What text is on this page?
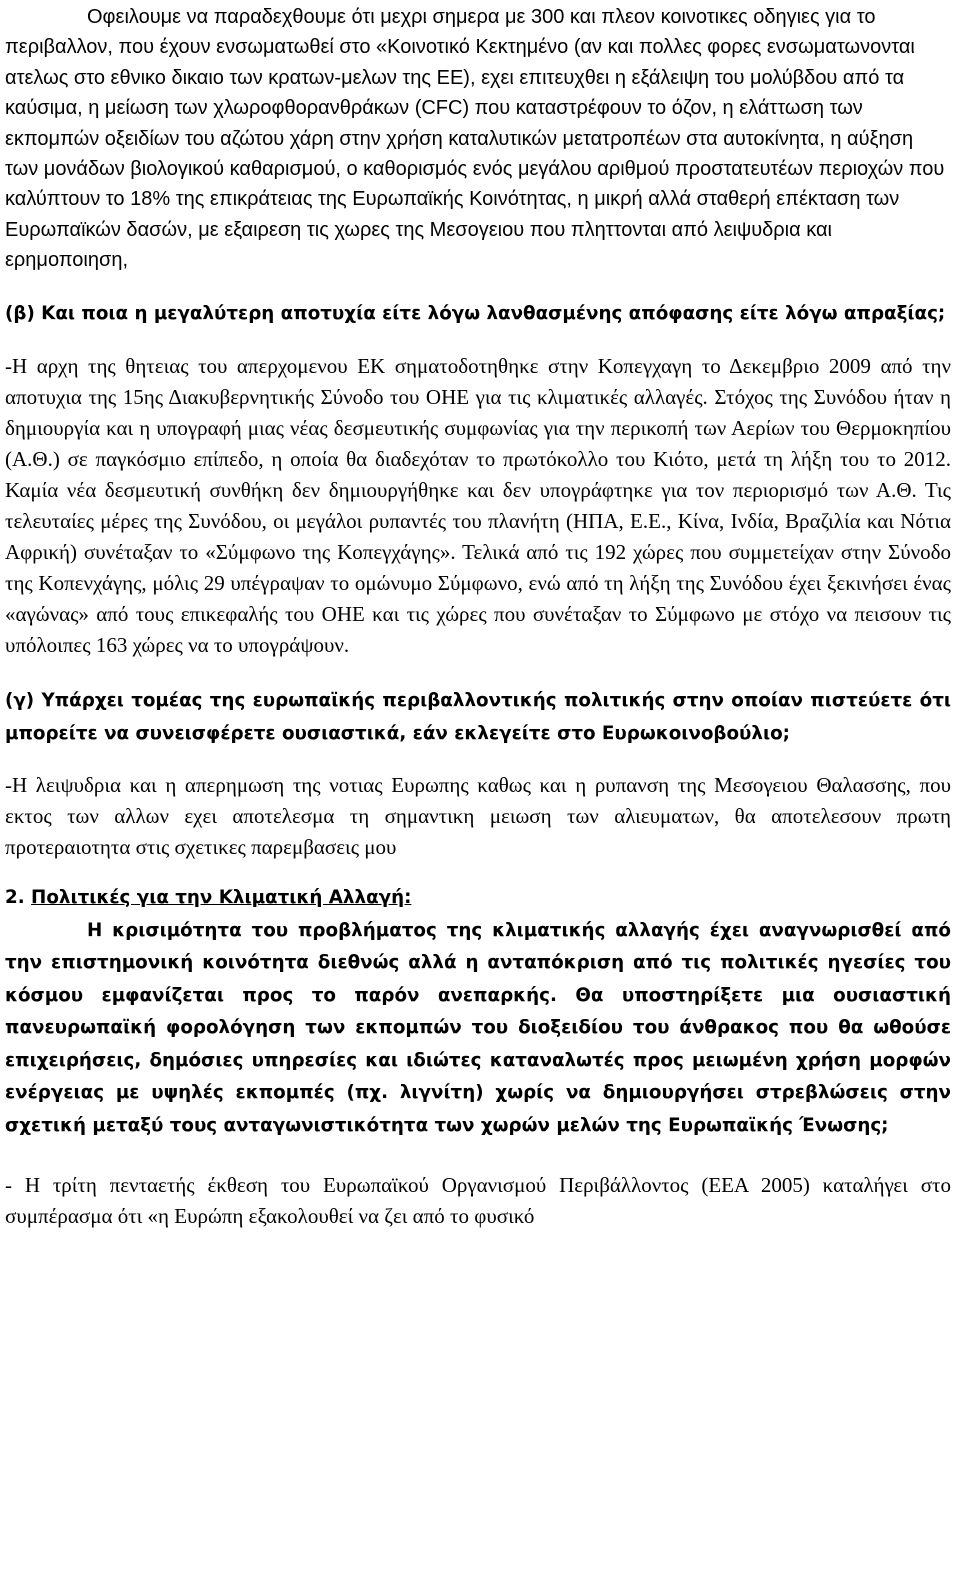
Οφειλουμε να παραδεχθουμε ότι μεχρι σημερα με 300 και πλεον κοινοτικες οδηγιες για το περιβαλλον, που έχουν ενσωματωθεί στο «Κοινοτικό Κεκτημένο (αν και πολλες φορες ενσωματωνονται ατελως στο εθνικο δικαιο των κρατων-μελων της ΕΕ), εχει επιτευχθει η εξάλειψη του μολύβδου από τα καύσιμα, η μείωση των χλωροφθορανθράκων (CFC) που καταστρέφουν το όζον, η ελάττωση των εκπομπών οξειδίων του αζώτου χάρη στην χρήση καταλυτικών μετατροπέων στα αυτοκίνητα, η αύξηση των μονάδων βιολογικού καθαρισμού, ο καθορισμός ενός μεγάλου αριθμού προστατευτέων περιοχών που καλύπτουν το 18% της επικράτειας της Ευρωπαϊκής Κοινότητας, η μικρή αλλά σταθερή επέκταση των Ευρωπαϊκών δασών, με εξαιρεση τις χωρες της Μεσογειου που πληττονται από λειψυδρια και ερημοποιηση,

(β) Και ποια η μεγαλύτερη αποτυχία είτε λόγω λανθασμένης απόφασης είτε λόγω απραξίας;

-Η αρχη της θητειας του απερχομενου ΕΚ σηματοδοτηθηκε στην Κοπεγχαγη το Δεκεμβριο 2009 από την αποτυχια της 15ης Διακυβερνητικής Σύνοδο του ΟΗΕ για τις κλιματικές αλλαγές. Στόχος της Συνόδου ήταν η δημιουργία και η υπογραφή μιας νέας δεσμευτικής συμφωνίας για την περικοπή των Αερίων του Θερμοκηπίου (Α.Θ.) σε παγκόσμιο επίπεδο, η οποία θα διαδεχόταν το πρωτόκολλο του Κιότο, μετά τη λήξη του το 2012. Καμία νέα δεσμευτική συνθήκη δεν δημιουργήθηκε και δεν υπογράφτηκε για τον περιορισμό των Α.Θ. Τις τελευταίες μέρες της Συνόδου, οι μεγάλοι ρυπαντές του πλανήτη (ΗΠΑ, Ε.Ε., Κίνα, Ινδία, Βραζιλία και Νότια Αφρική) συνέταξαν το «Σύμφωνο της Κοπεγχάγης». Τελικά από τις 192 χώρες που συμμετείχαν στην Σύνοδο της Κοπενχάγης, μόλις 29 υπέγραψαν το ομώνυμο Σύμφωνο, ενώ από τη λήξη της Συνόδου έχει ξεκινήσει ένας «αγώνας» από τους επικεφαλής του ΟΗΕ και τις χώρες που συνέταξαν το Σύμφωνο με στόχο να πεισουν τις υπόλοιπες 163 χώρες να το υπογράψουν.

(γ) Υπάρχει τομέας της ευρωπαϊκής περιβαλλοντικής πολιτικής στην οποίαν πιστεύετε ότι μπορείτε να συνεισφέρετε ουσιαστικά, εάν εκλεγείτε στο Ευρωκοινοβούλιο;

-Η λειψυδρια και η απερημωση της νοτιας Ευρωπης καθως και η ρυπανση της Μεσογειου Θαλασσης, που εκτος των αλλων εχει αποτελεσμα τη σημαντικη μειωση των αλιευματων, θα αποτελεσουν πρωτη προτεραιοτητα στις σχετικες παρεμβασεις μου

2. Πολιτικές για την Κλιματική Αλλαγή:

Η κρισιμότητα του προβλήματος της κλιματικής αλλαγής έχει αναγνωρισθεί από την επιστημονική κοινότητα διεθνώς αλλά η ανταπόκριση από τις πολιτικές ηγεσίες του κόσμου εμφανίζεται προς το παρόν ανεπαρκής. Θα υποστηρίξετε μια ουσιαστική πανευρωπαϊκή φορολόγηση των εκπομπών του διοξειδίου του άνθρακος που θα ωθούσε επιχειρήσεις, δημόσιες υπηρεσίες και ιδιώτες καταναλωτές προς μειωμένη χρήση μορφών ενέργειας με υψηλές εκπομπές (πχ. λιγνίτη) χωρίς να δημιουργήσει στρεβλώσεις στην σχετική μεταξύ τους ανταγωνιστικότητα των χωρών μελών της Ευρωπαϊκής Ένωσης;

- Η τρίτη πενταετής έκθεση του Ευρωπαϊκού Οργανισμού Περιβάλλοντος (ΕΕΑ 2005) καταλήγει στο συμπέρασμα ότι «η Ευρώπη εξακολουθεί να ζει από το φυσικό
